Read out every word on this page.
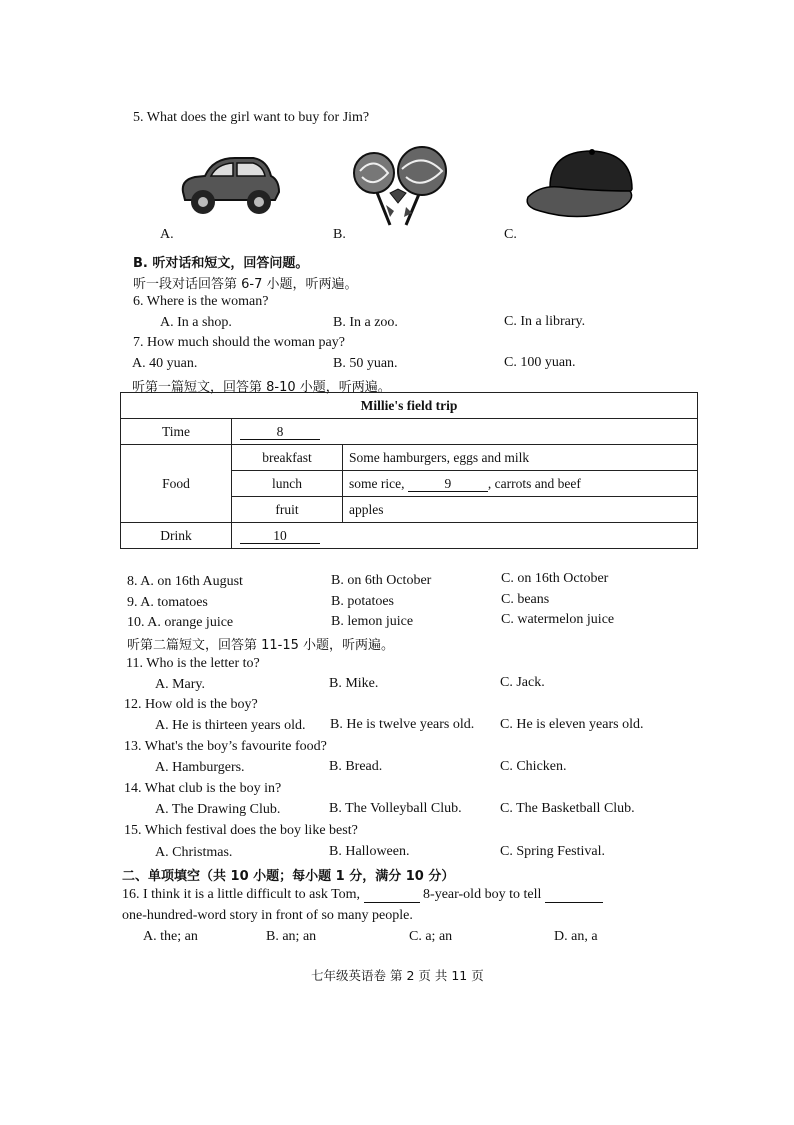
5. What does the girl want to buy for Jim?
A.	B.	C.
B. 听对话和短文，回答问题。
听一段对话回答第 6-7 小题，听两遍。
6. Where is the woman?
A. In a shop.	B. In a zoo.	C. In a library.
7. How much should the woman pay?
A. 40 yuan.	B. 50 yuan.	C. 100 yuan.
听第一篇短文，回答第 8-10 小题，听两遍。
Millie's field trip		
Time	8	
Food	breakfast	Some hamburgers, eggs and milk
	lunch	some rice, 9 , carrots and beef
	fruit	apples
Drink	10	
8. A. on 16th August	B. on 6th October	C. on 16th October
9. A. tomatoes	B. potatoes	C. beans
10. A. orange juice	B. lemon juice	C. watermelon juice
听第二篇短文，回答第 11-15 小题，听两遍。
11. Who is the letter to?
A. Mary.	B. Mike.	C. Jack.
12. How old is the boy?
A. He is thirteen years old. B. He is twelve years old. C. He is eleven years old.
13. What's the boy’s favourite food?
A. Hamburgers.	B. Bread.	C. Chicken.
14. What club is the boy in?
A. The Drawing Club.	B. The Volleyball Club.	C. The Basketball Club.
15. Which festival does the boy like best?
A. Christmas.	B. Halloween.	C. Spring Festival.
二、单项填空（共 10 小题；每小题 1 分，满分 10 分）
16. I think it is a little difficult to ask Tom,	8-year-old boy to tell
one-hundred-word story in front of so many people.
A. the; an	B. an; an	C. a; an	D. an, a
七年级英语卷 第 2 页 共 11 页
